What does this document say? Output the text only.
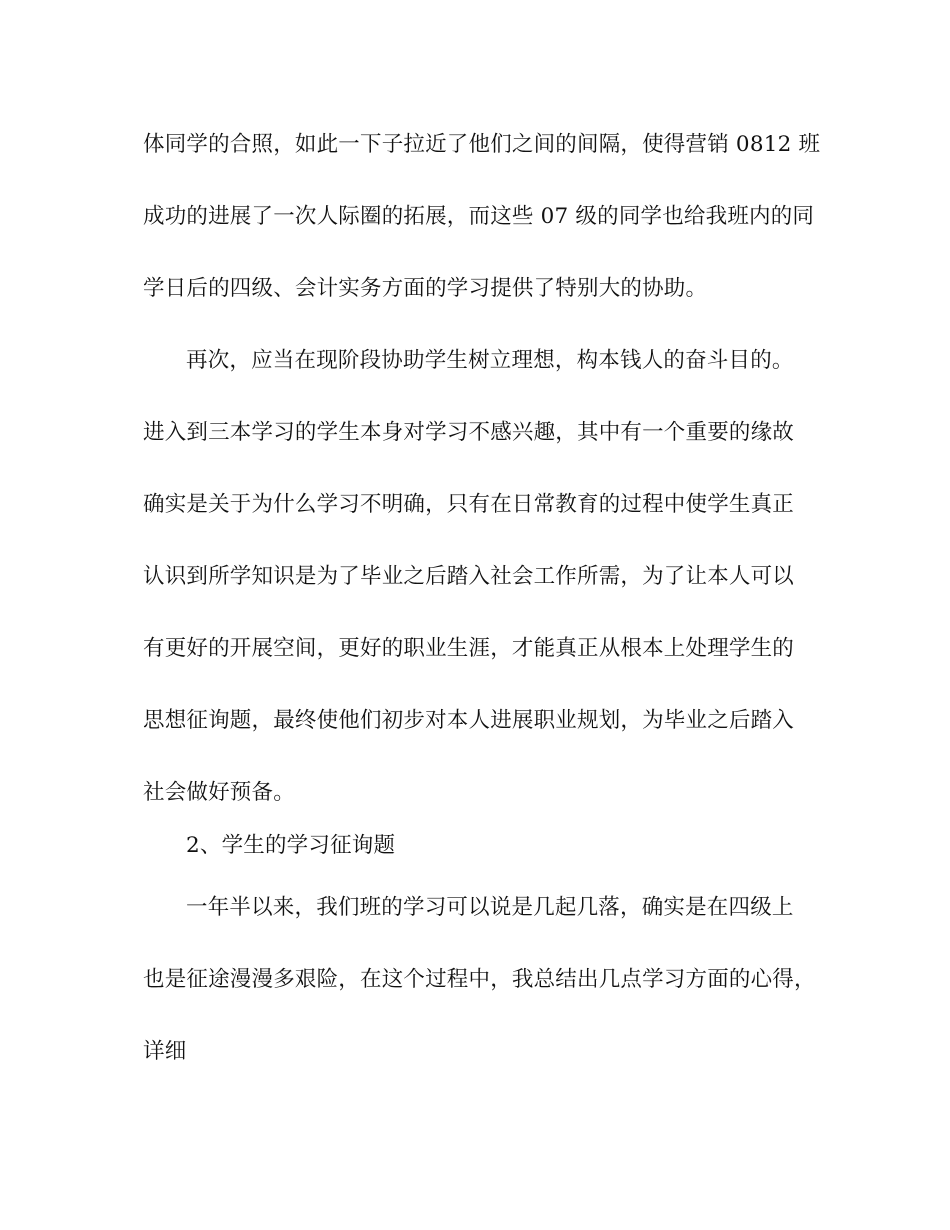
体同学的合照，如此一下子拉近了他们之间的间隔，使得营销 0812 班
成功的进展了一次人际圈的拓展，而这些 07 级的同学也给我班内的同
学日后的四级、会计实务方面的学习提供了特别大的协助。
再次，应当在现阶段协助学生树立理想，构本钱人的奋斗目的。
进入到三本学习的学生本身对学习不感兴趣，其中有一个重要的缘故
确实是关于为什么学习不明确，只有在日常教育的过程中使学生真正
认识到所学知识是为了毕业之后踏入社会工作所需，为了让本人可以
有更好的开展空间，更好的职业生涯，才能真正从根本上处理学生的
思想征询题，最终使他们初步对本人进展职业规划，为毕业之后踏入
社会做好预备。
2、学生的学习征询题
一年半以来，我们班的学习可以说是几起几落，确实是在四级上
也是征途漫漫多艰险，在这个过程中，我总结出几点学习方面的心得，
详细
